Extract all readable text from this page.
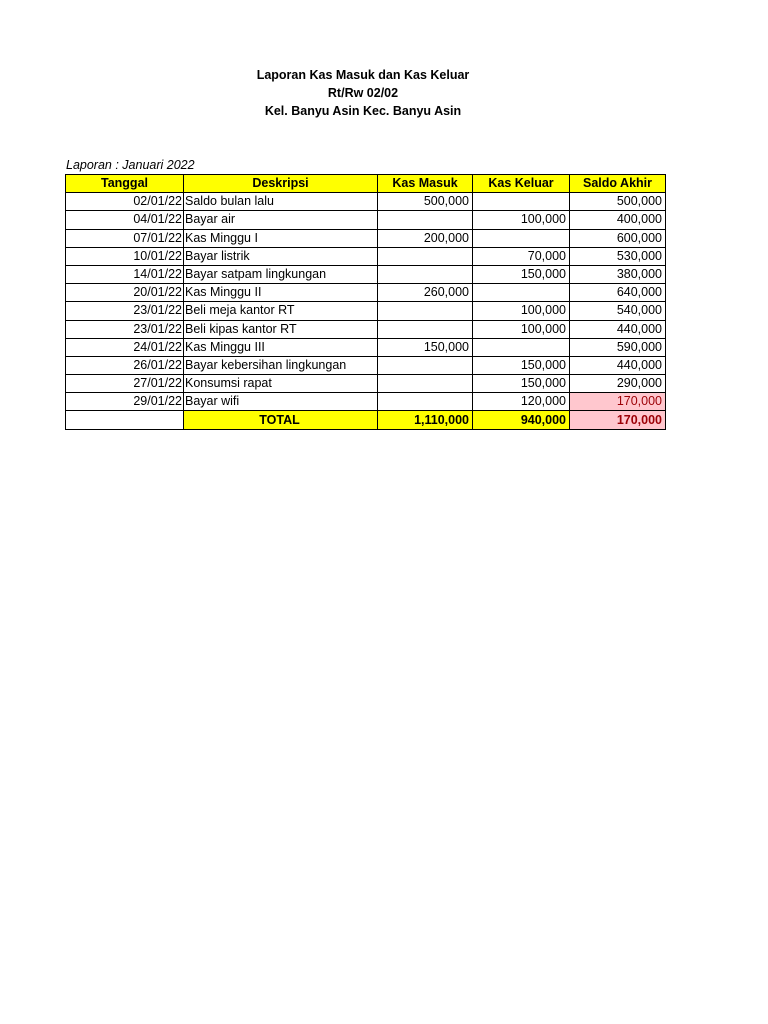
Laporan Kas Masuk dan Kas Keluar
Rt/Rw 02/02
Kel. Banyu Asin Kec. Banyu Asin
Laporan : Januari 2022
Tanggal	Deskripsi	Kas Masuk	Kas Keluar	Saldo Akhir
02/01/22	Saldo bulan lalu	500,000		500,000
04/01/22	Bayar air		100,000	400,000
07/01/22	Kas Minggu I	200,000		600,000
10/01/22	Bayar listrik		70,000	530,000
14/01/22	Bayar satpam lingkungan		150,000	380,000
20/01/22	Kas Minggu II	260,000		640,000
23/01/22	Beli meja kantor RT		100,000	540,000
23/01/22	Beli kipas kantor RT		100,000	440,000
24/01/22	Kas Minggu III	150,000		590,000
26/01/22	Bayar kebersihan lingkungan		150,000	440,000
27/01/22	Konsumsi rapat		150,000	290,000
29/01/22	Bayar wifi		120,000	170,000
	TOTAL	1,110,000	940,000	170,000
